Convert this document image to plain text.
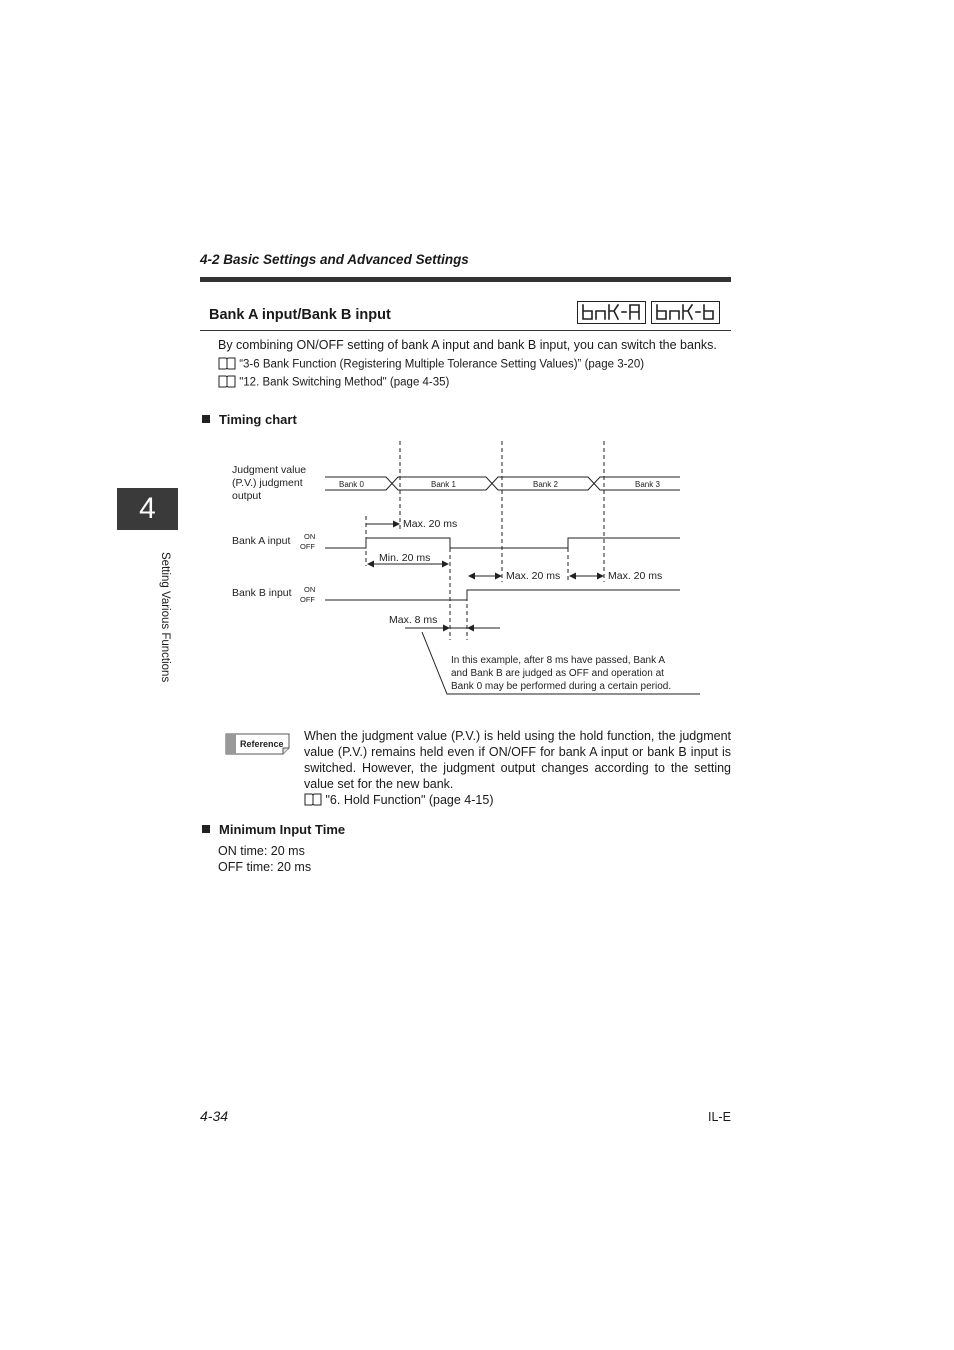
4-2 Basic Settings and Advanced Settings
4
Setting Various Functions
Bank A input/Bank B input
By combining ON/OFF setting of bank A input and bank B input, you can switch the banks.
“3-6 Bank Function (Registering Multiple Tolerance Setting Values)” (page 3-20)
"12. Bank Switching Method" (page 4-35)
Timing chart
Judgment value
(P.V.) judgment
output
Bank A input ON
OFF
Bank B input ON
OFF
Bank 0	Bank 1	Bank 2	Bank 3
Max. 20 ms
Min. 20 ms
Max. 20 ms	Max. 20 ms
Max. 8 ms
In this example, after 8 ms have passed, Bank A
and Bank B are judged as OFF and operation at
Bank 0 may be performed during a certain period.
Reference
When the judgment value (P.V.) is held using the hold function, the judgment value (P.V.) remains held even if ON/OFF for bank A input or bank B input is switched. However, the judgment output changes according to the setting value set for the new bank.
"6. Hold Function" (page 4-15)
Minimum Input Time
ON time: 20 ms
OFF time: 20 ms
4-34	IL-E
